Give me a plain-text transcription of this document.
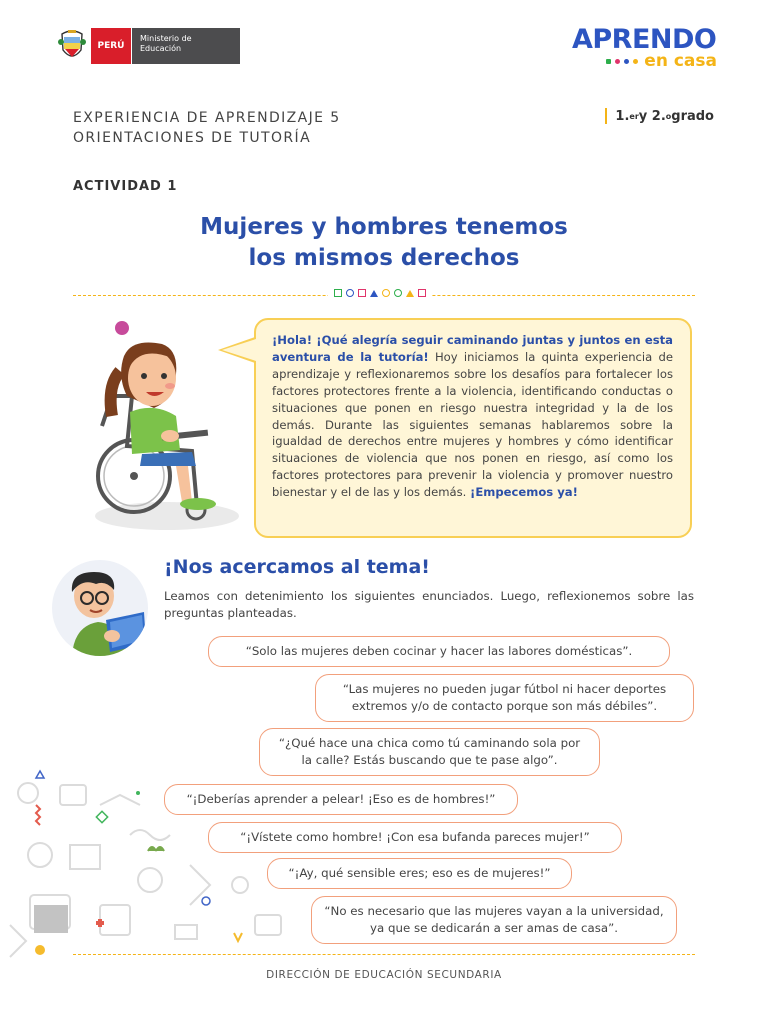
PERÚ
Ministerio de Educación	APRENDO
en casa
EXPERIENCIA DE APRENDIZAJE 5
ORIENTACIONES DE TUTORÍA
1. er y 2. o grado
ACTIVIDAD 1
Mujeres y hombres tenemos
los mismos derechos

¡Hola! ¡Qué alegría seguir caminando juntas y juntos en esta aventura de la tutoría! Hoy iniciamos la quinta experiencia de aprendizaje y reflexionaremos sobre los desafíos para fortalecer los factores protectores frente a la violencia, identificando conductas o situaciones que ponen en riesgo nuestra integridad y la de los demás. Durante las siguientes semanas hablaremos sobre la igualdad de derechos entre mujeres y hombres y cómo identificar situaciones de violencia que nos ponen en riesgo, así como los factores protectores para prevenir la violencia y promover nuestro bienestar y el de las y los demás. ¡Empecemos ya!

¡Nos acercamos al tema!
Leamos con detenimiento los siguientes enunciados. Luego, reflexionemos sobre las preguntas planteadas.
“Solo las mujeres deben cocinar y hacer las labores domésticas”.
“Las mujeres no pueden jugar fútbol ni hacer deportes extremos y/o de contacto porque son más débiles”.
“¿Qué hace una chica como tú caminando sola por la calle? Estás buscando que te pase algo”.
“¡Deberías aprender a pelear! ¡Eso es de hombres!”
“¡Vístete como hombre! ¡Con esa bufanda pareces mujer!”
“¡Ay, qué sensible eres; eso es de mujeres!”
“No es necesario que las mujeres vayan a la universidad, ya que se dedicarán a ser amas de casa”.
DIRECCIÓN DE EDUCACIÓN SECUNDARIA
